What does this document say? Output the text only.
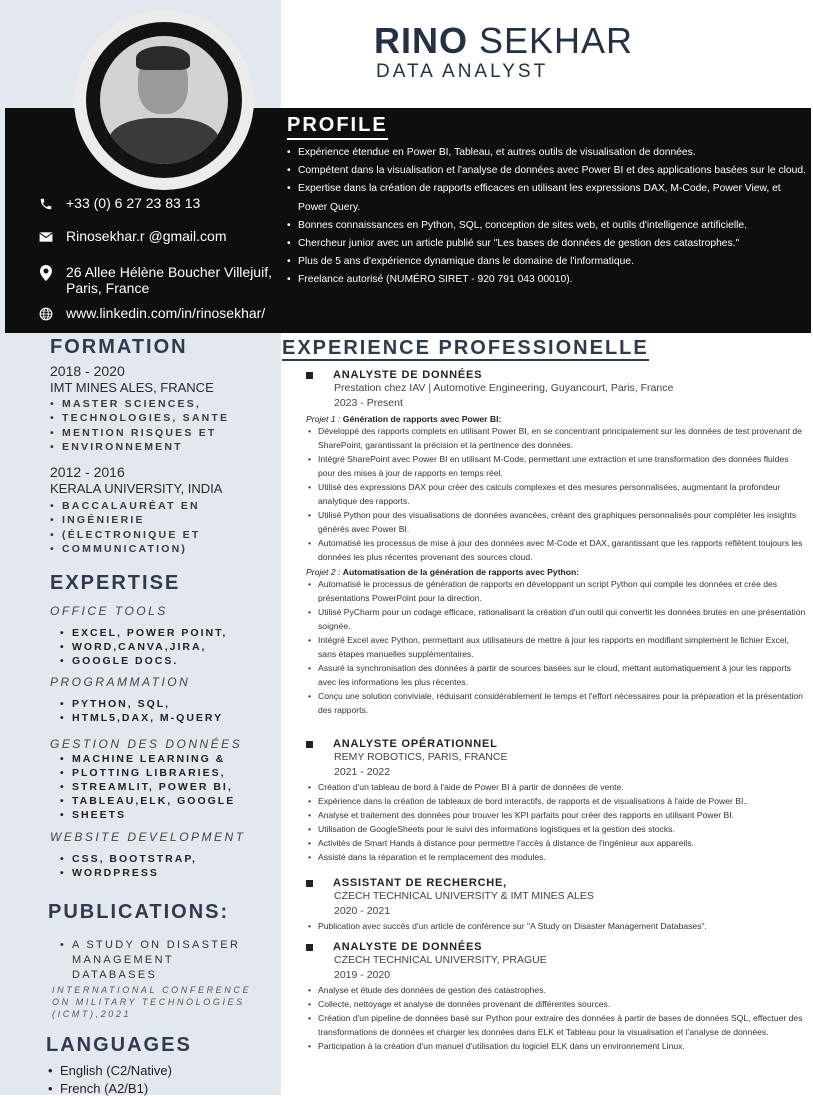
RINO SEKHAR
DATA ANALYST
+33 (0) 6 27 23 83 13
Rinosekhar.r @gmail.com
26 Allee Hélène Boucher Villejuif,
Paris, France
www.linkedin.com/in/rinosekhar/
PROFILE
• Expérience étendue en Power BI, Tableau, et autres outils de visualisation de données.
• Compétent dans la visualisation et l'analyse de données avec Power BI et des applications basées sur le cloud.
• Expertise dans la création de rapports efficaces en utilisant les expressions DAX, M-Code, Power View, et Power Query.
• Bonnes connaissances en Python, SQL, conception de sites web, et outils d'intelligence artificielle.
• Chercheur junior avec un article publié sur "Les bases de données de gestion des catastrophes."
• Plus de 5 ans d'expérience dynamique dans le domaine de l'informatique.
• Freelance autorisé (NUMÉRO SIRET - 920 791 043 00010).
FORMATION
2018 - 2020
IMT MINES ALES, FRANCE
• MASTER SCIENCES,
• TECHNOLOGIES, SANTE
• MENTION RISQUES ET
• ENVIRONNEMENT
2012 - 2016
KERALA UNIVERSITY, INDIA
• BACCALAURÉAT EN
• INGÉNIERIE
• (ÉLECTRONIQUE ET
• COMMUNICATION)
EXPERTISE
OFFICE TOOLS
• EXCEL, POWER POINT,
• WORD,CANVA,JIRA,
• GOOGLE DOCS.
PROGRAMMATION
• PYTHON, SQL,
• HTML5,DAX, M-QUERY
GESTION DES DONNÉES
• MACHINE LEARNING &
• PLOTTING LIBRARIES,
• STREAMLIT, POWER BI,
• TABLEAU,ELK, GOOGLE
• SHEETS
WEBSITE DEVELOPMENT
• CSS, BOOTSTRAP,
• WORDPRESS
PUBLICATIONS:
• A STUDY ON DISASTER
MANAGEMENT
DATABASES
INTERNATIONAL CONFERENCE ON MILITARY TECHNOLOGIES (ICMT),2021
LANGUAGES
• English (C2/Native)
• French (A2/B1)
EXPERIENCE PROFESSIONELLE
ANALYSTE DE DONNÉES
Prestation chez IAV | Automotive Engineering, Guyancourt, Paris, France
2023 - Present
Projet 1 : Génération de rapports avec Power BI:
• Développé des rapports complets en utilisant Power BI, en se concentrant principalement sur les données de test provenant de SharePoint, garantissant la précision et la pertinence des données.
• Intégré SharePoint avec Power BI en utilisant M-Code, permettant une extraction et une transformation des données fluides pour des mises à jour de rapports en temps réel.
• Utilisé des expressions DAX pour créer des calculs complexes et des mesures personnalisées, augmentant la profondeur analytique des rapports.
• Utilisé Python pour des visualisations de données avancées, créant des graphiques personnalisés pour compléter les insights générés avec Power BI.
• Automatisé les processus de mise à jour des données avec M-Code et DAX, garantissant que les rapports reflètent toujours les données les plus récentes provenant des sources cloud.
Projet 2 : Automatisation de la génération de rapports avec Python:
• Automatisé le processus de génération de rapports en développant un script Python qui compile les données et crée des présentations PowerPoint pour la direction.
• Utilisé PyCharm pour un codage efficace, rationalisant la création d'un outil qui convertit les données brutes en une présentation soignée.
• Intégré Excel avec Python, permettant aux utilisateurs de mettre à jour les rapports en modifiant simplement le fichier Excel, sans étapes manuelles supplémentaires.
• Assuré la synchronisation des données à partir de sources basées sur le cloud, mettant automatiquement à jour les rapports avec les informations les plus récentes.
• Conçu une solution conviviale, réduisant considérablement le temps et l'effort nécessaires pour la préparation et la présentation des rapports.
ANALYSTE OPÉRATIONNEL
REMY ROBOTICS, PARIS, FRANCE
2021 - 2022
• Création d'un tableau de bord à l'aide de Power BI à partir de données de vente.
• Expérience dans la création de tableaux de bord interactifs, de rapports et de visualisations à l'aide de Power BI..
• Analyse et traitement des données pour trouver les KPI parfaits pour créer des rapports en utilisant Power BI.
• Utilisation de GoogleSheets pour le suivi des informations logistiques et la gestion des stocks.
• Activités de Smart Hands à distance pour permettre l'accès à distance de l'ingénieur aux appareils.
• Assisté dans la réparation et le remplacement des modules.
ASSISTANT DE RECHERCHE,
CZECH TECHNICAL UNIVERSITY & IMT MINES ALES
2020 - 2021
• Publication avec succès d'un article de conférence sur "A Study on Disaster Management Databases".
ANALYSTE DE DONNÉES
CZECH TECHNICAL UNIVERSITY, PRAGUE
2019 - 2020
• Analyse et étude des données de gestion des catastrophes.
• Collecte, nettoyage et analyse de données provenant de différentes sources.
• Création d'un pipeline de données basé sur Python pour extraire des données à partir de bases de données SQL, effectuer des transformations de données et charger les données dans ELK et Tableau pour la visualisation et l'analyse de données.
• Participation à la création d'un manuel d'utilisation du logiciel ELK dans un environnement Linux.
